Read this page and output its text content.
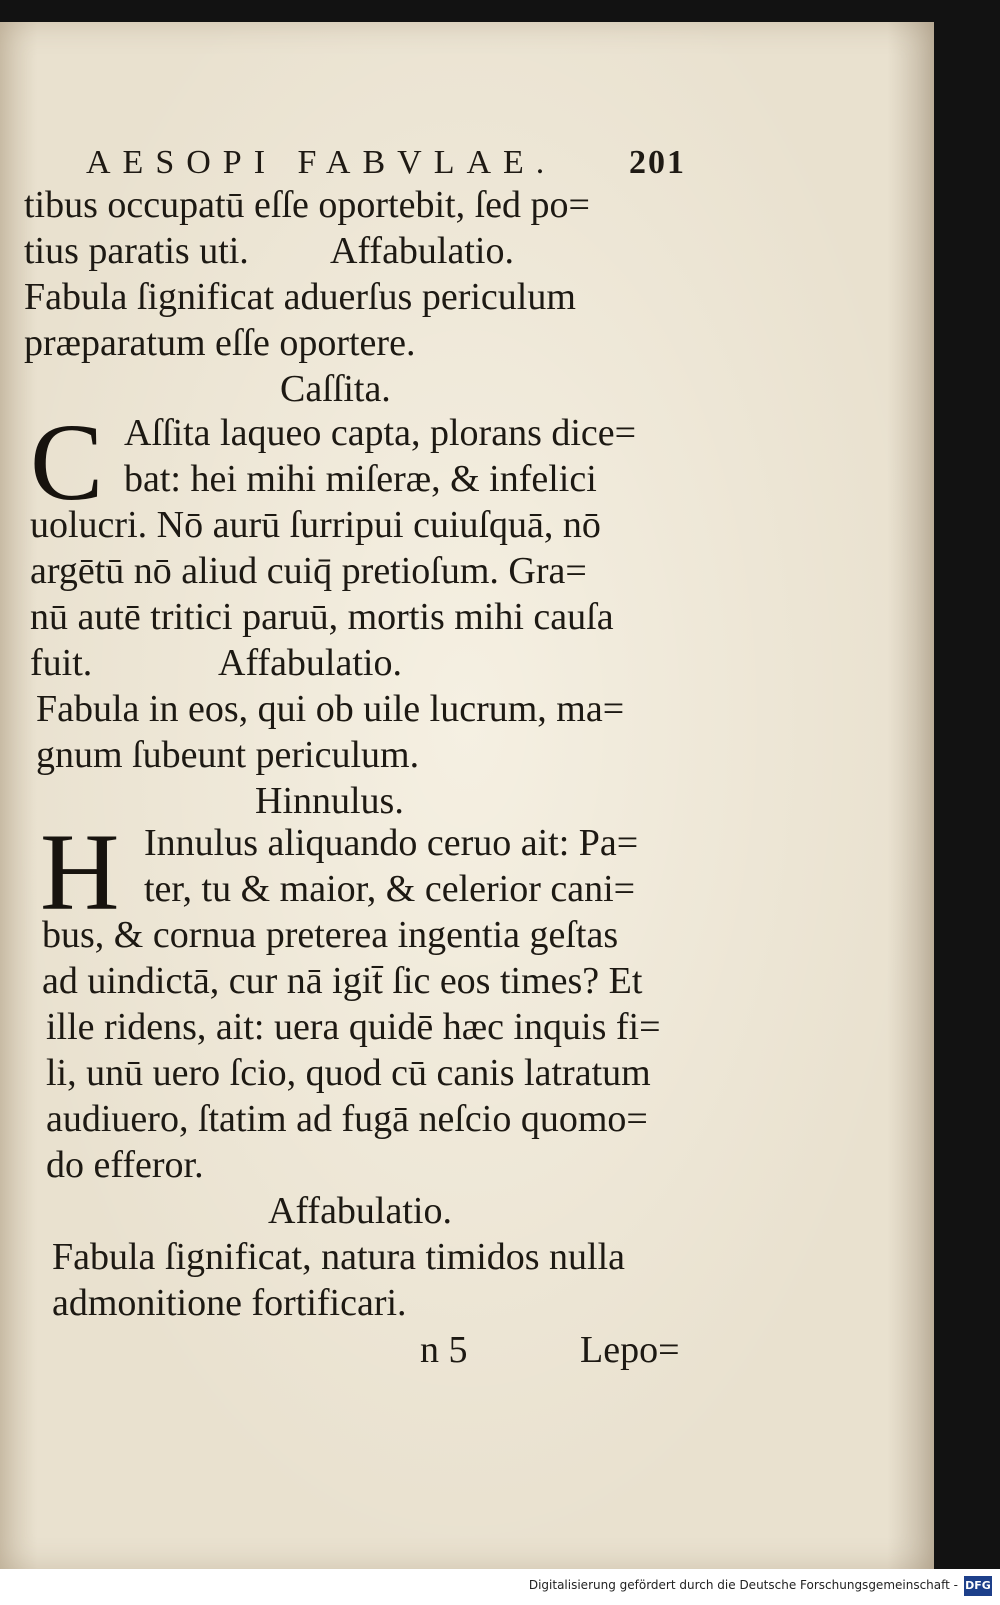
AESOPI FABVLAE. 201
tibus occupatū eſſe oportebit, ſed po=
tius paratis uti. Affabulatio.
Fabula ſignificat aduerſus periculum
præparatum eſſe oportere.
Caſſita.
C Aſſita laqueo capta, plorans dice=
bat: hei mihi miſeræ, & infelici
uolucri. Nō aurū ſurripui cuiuſquā, nō
argētū nō aliud cuiq̄ pretioſum. Gra=
nū autē tritici paruū, mortis mihi cauſa
fuit.	Affabulatio.
Fabula in eos, qui ob uile lucrum, ma=
gnum ſubeunt periculum.
Hinnulus.
H Innulus aliquando ceruo ait: Pa=
ter, tu & maior, & celerior cani=
bus, & cornua preterea ingentia geſtas
ad uindictā, cur nā igit̄ ſic eos times? Et
ille ridens, ait: uera quidē hæc inquis fi=
li, unū uero ſcio, quod cū canis latratum
audiuero, ſtatim ad fugā neſcio quomo=
do efferor.
Affabulatio.
Fabula ſignificat, natura timidos nulla
admonitione fortificari.
n 5	Lepo=
Digitalisierung gefördert durch die Deutsche Forschungsgemeinschaft - DFG
